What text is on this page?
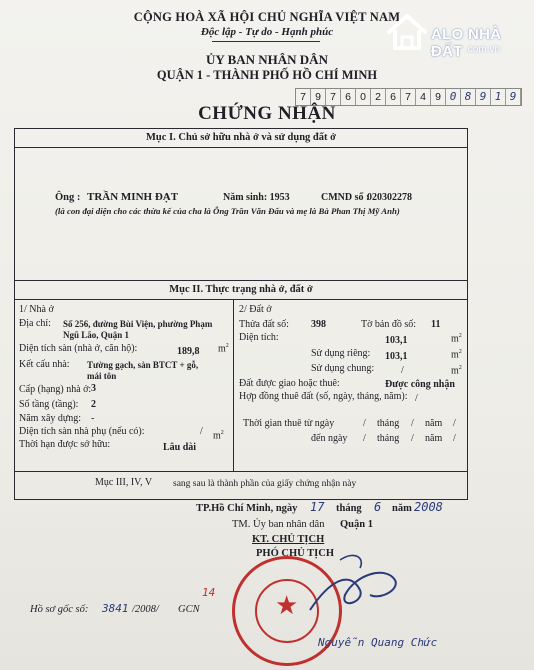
CỘNG HOÀ XÃ HỘI CHỦ NGHĨA VIỆT NAM
Độc lập - Tự do - Hạnh phúc
ỦY BAN NHÂN DÂN
QUẬN 1 - THÀNH PHỐ HỒ CHÍ MINH
7 9 7 6 0 2 6 7 4 9 0 8 9 1 9
CHỨNG NHẬN
ALO NHÀ ĐẤT .com.vn
Mục I. Chủ sở hữu nhà ở và sử dụng đất ở
Ông : TRẦN MINH ĐẠT	Năm sinh: 1953	CMND số :
020302278
(là con đại diện cho các thừa kế của cha là Ông Trần Văn Đấu và mẹ là Bà Phan Thị Mỹ Anh)
Mục II. Thực trạng nhà ở, đất ở
1/ Nhà ở
Địa chỉ: Số 256, đường Bùi Viện, phường Phạm
Ngũ Lão, Quận 1
Diện tích sàn (nhà ở, căn hộ):	189,8 $m^2$
Kết cấu nhà: Tường gạch, sàn BTCT + gỗ,
mái tôn
Cấp (hạng) nhà ở: 3
Số tầng (tầng): 2
Năm xây dựng: -
Diện tích sàn nhà phụ (nếu có):	/ $m^2$
Thời hạn được sở hữu:	Lâu dài
2/ Đất ở
Thửa đất số: 398	Tờ bản đồ số: 11
Diện tích:	103,1	$m^2$
Sử dụng riêng: 103,1	$m^2$
Sử dụng chung:	/	$m^2$
Đất được giao hoặc thuê:	Được công nhận
Hợp đồng thuê đất (số, ngày, tháng, năm): /
Thời gian thuê từ ngày	/ tháng / năm /
đến ngày / tháng / năm /
Mục III, IV, V sang sau là thành phần của giấy chứng nhận này
TP.Hồ Chí Minh, ngày 17 tháng 6 năm 2008
TM. Ủy ban nhân dân Quận 1
KT. CHỦ TỊCH
PHÓ CHỦ TỊCH
★
Nguyễn Quang Chức
Hồ sơ gốc số: 3841 /2008/ GCN
14
